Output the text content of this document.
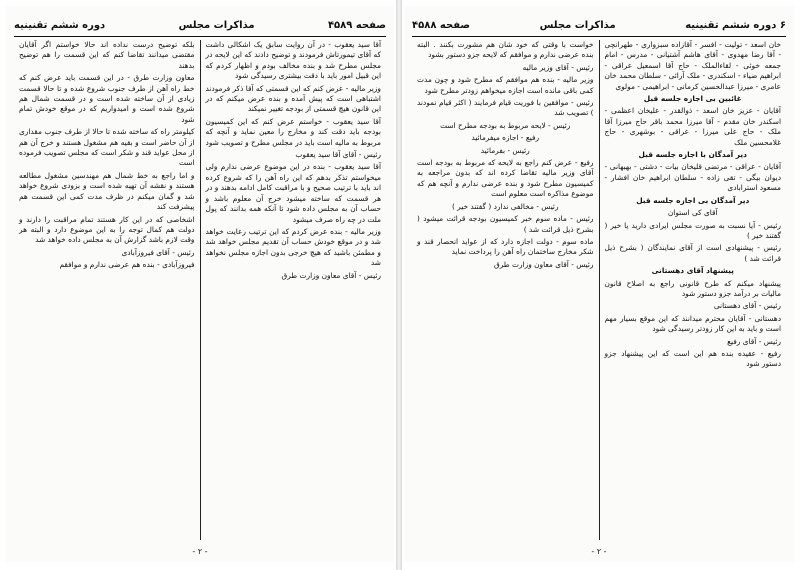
صفحه ۴۵۸۹
مذاکرات مجلس
دوره ششم تقنینیه

آقا سید یعقوب - در آن روایت سابق یک اشکالی داشت که آقای تیمورتاش فرمودند و توضیح دادند که این لایحه در مجلس مطرح شد و بنده مخالف بودم و اظهار کردم که این قبیل امور باید با دقت بیشتری رسیدگی شود

وزیر مالیه - عرض کنم که این قسمتی که آقا ذکر فرمودند اشتباهی است که پیش آمده و بنده عرض میکنم که در این قانون هیچ قسمتی از بودجه تغییر نمیکند

آقا سید یعقوب - خواستم عرض کنم که این کمیسیون بودجه باید دقت کند و مخارج را معین نماید و آنچه که مربوط به مالیه است باید در مجلس مطرح و تصویب شود

رئیس - آقای آقا سید یعقوب

آقا سید یعقوب - بنده در این موضوع عرضی ندارم ولی میخواستم تذکر بدهم که این راه آهن را که شروع کرده اند باید با ترتیب صحیح و با مراقبت کامل ادامه بدهند و در هر قسمت که ساخته میشود خرج آن معلوم باشد و حساب آن به مجلس داده شود تا آنکه همه بدانند که پول ملت در چه راه صرف میشود

وزیر مالیه - بنده عرض کردم که این ترتیب رعایت خواهد شد و در موقع خودش حساب آن تقدیم مجلس خواهد شد و مطمئن باشید که هیچ خرجی بدون اجازه مجلس نخواهد شد

رئیس - آقای معاون وزارت طرق

بلکه توضیح درست نداده اند حالا خواستم اگر آقایان مقتضی میدانند تقاضا کنم که این قسمت را هم توضیح بدهند

معاون وزارت طرق - در این قسمت باید عرض کنم که خط راه آهن از طرف جنوب شروع شده و تا حالا قسمت زیادی از آن ساخته شده است و در قسمت شمال هم شروع شده است و امیدواریم که در موقع خودش تمام شود

کیلومتر راه که ساخته شده تا حالا از طرف جنوب مقداری از آن حاضر است و بقیه هم مشغول هستند و خرج آن هم از محل عواید قند و شکر است که مجلس تصویب فرموده است

و اما راجع به خط شمال هم مهندسین مشغول مطالعه هستند و نقشه آن تهیه شده است و بزودی شروع خواهد شد و گمان میکنم در ظرف مدت کمی این قسمت هم پیشرفت کند

اشخاصی که در این کار هستند تمام مراقبت را دارند و دولت هم کمال توجه را به این موضوع دارد و البته هر وقت لازم باشد گزارش آن به مجلس داده خواهد شد

رئیس - آقای فیروزآبادی

فیروزآبادی - بنده هم عرضی ندارم و موافقم

- ۲ -
۶ دوره ششم تقنینیه
مذاکرات مجلس
صفحه ۴۵۸۸

خان اسعد - تولیت - افسر - آقازاده سبزواری - طهرانچی - آقا رضا مهدوی - آقای هاشم آشتیانی - مدرس - امام جمعه خوئی - لقاءالملک - حاج آقا اسمعیل عراقی - ابراهیم ضیاء - اسکندری - ملک آرائی - سلطان محمد خان عامری - میرزا عبدالحسین کرمانی - ابراهیمی - مولوی

غائبین بی اجازه جلسه قبل

آقایان - عزیز خان اسعد - ذوالقدر - علیخان اعظمی - اسکندر خان مقدم - آقا میرزا محمد باقر حاج میرزا آقا ملک - حاج علی میرزا - عراقی - بوشهری - حاج غلامحسین ملک

دیر آمدگان با اجازه جلسه قبل

آقایان - عراقی - مرتضی قلیخان بیات - دشتی - بهبهانی - دیوان بیگی - تقی زاده - سلطان ابراهیم خان افشار - مسعود استرابادی

دیر آمدگان بی اجازه جلسه قبل

آقای کی استوان

رئیس - آیا نسبت به صورت مجلس ایرادی دارید یا خیر ( گفتند خیر )

رئیس - پیشنهادی است از آقای نمایندگان ( بشرح ذیل قرائت شد )

پیشنهاد آقای دهستانی

پیشنهاد میکنم که طرح قانونی راجع به اصلاح قانون مالیات بر درآمد جزو دستور شود

رئیس - آقای دهستانی

دهستانی - آقایان محترم میدانند که این موقع بسیار مهم است و باید به این کار زودتر رسیدگی شود

رئیس - آقای رفیع

رفیع - عقیده بنده هم این است که این پیشنهاد جزو دستور شود

خواست با وقتی که خود شان هم مشورت بکنند . البته بنده عرضی ندارم و موافقم که لایحه جزو دستور بشود

رئیس - آقای وزیر مالیه

وزیر مالیه - بنده هم موافقم که مطرح شود و چون مدت کمی باقی مانده است اجازه میخواهم زودتر مطرح شود

رئیس - موافقین با فوریت قیام فرمایند ( اکثر قیام نمودند ) تصویب شد

رئیس - لایحه مربوط به بودجه مطرح است

رفیع - اجازه میفرمائید

رئیس - بفرمائید

رفیع - عرض کنم راجع به لایحه که مربوط به بودجه است آقای وزیر مالیه تقاضا کرده اند که بدون مراجعه به کمیسیون مطرح شود و بنده عرضی ندارم و آنچه هم که موضوع مذاکره است معلوم است

رئیس - مخالفی ندارد ( گفتند خیر )

رئیس - ماده سوم خبر کمیسیون بودجه قرائت میشود ( بشرح ذیل قرائت شد )

ماده سوم - دولت اجازه دارد که از عواید انحصار قند و شکر مخارج ساختمان راه آهن را پرداخت نماید

رئیس - آقای معاون وزارت طرق

- ۲ -
